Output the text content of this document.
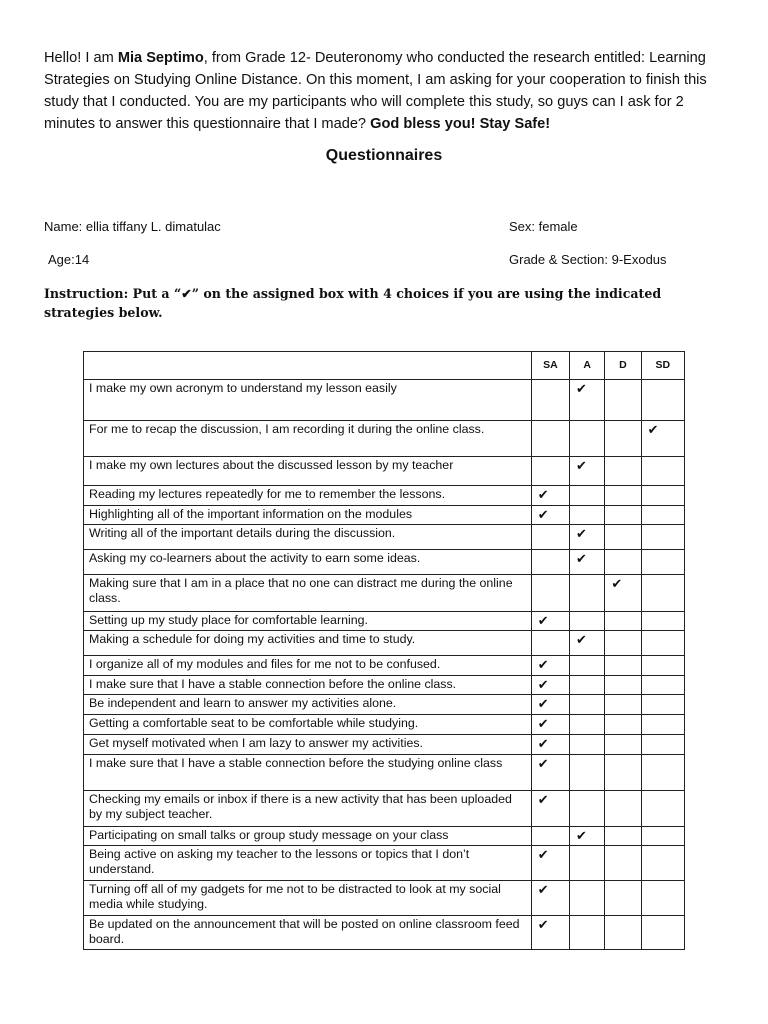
Hello! I am Mia Septimo, from Grade 12- Deuteronomy who conducted the research entitled: Learning Strategies on Studying Online Distance. On this moment, I am asking for your cooperation to finish this study that I conducted. You are my participants who will complete this study, so guys can I ask for 2 minutes to answer this questionnaire that I made? God bless you! Stay Safe!
Questionnaires
Name: ellia tiffany L. dimatulac	Sex: female
Age:14	Grade & Section: 9-Exodus
Instruction: Put a “✔” on the assigned box with 4 choices if you are using the indicated strategies below.
	SA	A	D	SD
I make my own acronym to understand my lesson easily		✔		
For me to recap the discussion, I am recording it during the online class.				✔
I make my own lectures about the discussed lesson by my teacher		✔		
Reading my lectures repeatedly for me to remember the lessons.	✔			
Highlighting all of the important information on the modules	✔			
Writing all of the important details during the discussion.		✔		
Asking my co-learners about the activity to earn some ideas.		✔		
Making sure that I am in a place that no one can distract me during the online class.			✔	
Setting up my study place for comfortable learning.	✔			
Making a schedule for doing my activities and time to study.		✔		
I organize all of my modules and files for me not to be confused.	✔			
I make sure that I have a stable connection before the online class.	✔			
Be independent and learn to answer my activities alone.	✔			
Getting a comfortable seat to be comfortable while studying.	✔			
Get myself motivated when I am lazy to answer my activities.	✔			
I make sure that I have a stable connection before the studying online class	✔			
Checking my emails or inbox if there is a new activity that has been uploaded by my subject teacher.	✔			
Participating on small talks or group study message on your class		✔		
Being active on asking my teacher to the lessons or topics that I don’t understand.	✔			
Turning off all of my gadgets for me not to be distracted to look at my social media while studying.	✔			
Be updated on the announcement that will be posted on online classroom feed board.	✔			
